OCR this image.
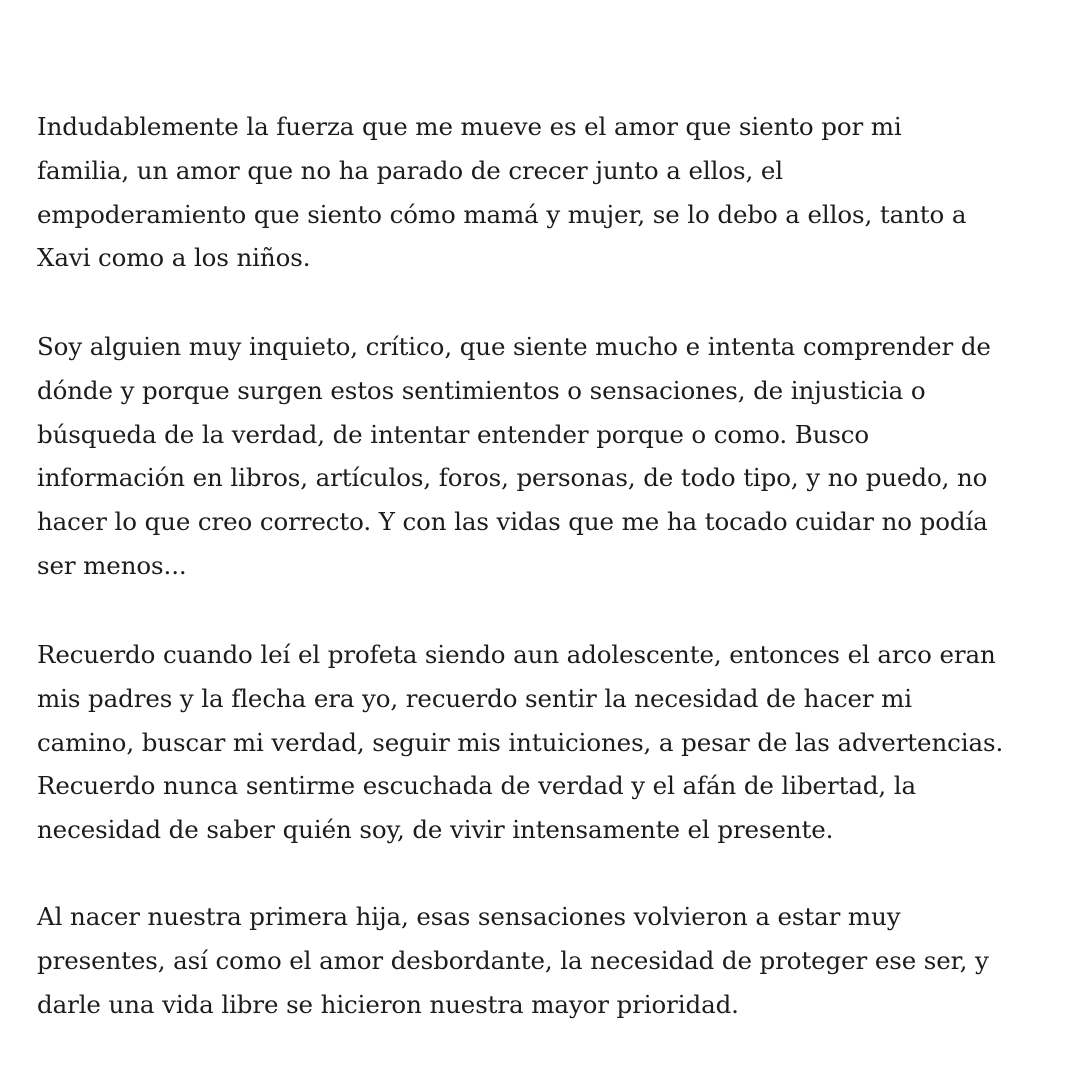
Indudablemente la fuerza que me mueve es el amor que siento por mi
familia, un amor que no ha parado de crecer junto a ellos, el
empoderamiento que siento cómo mamá y mujer, se lo debo a ellos, tanto a
Xavi como a los niños.

Soy alguien muy inquieto, crítico, que siente mucho e intenta comprender de
dónde y porque surgen estos sentimientos o sensaciones, de injusticia o
búsqueda de la verdad, de intentar entender porque o como. Busco
información en libros, artículos, foros, personas, de todo tipo, y no puedo, no
hacer lo que creo correcto. Y con las vidas que me ha tocado cuidar no podía
ser menos...

Recuerdo cuando leí el profeta siendo aun adolescente, entonces el arco eran
mis padres y la flecha era yo, recuerdo sentir la necesidad de hacer mi
camino, buscar mi verdad, seguir mis intuiciones, a pesar de las advertencias.
Recuerdo nunca sentirme escuchada de verdad y el afán de libertad, la
necesidad de saber quién soy, de vivir intensamente el presente.

Al nacer nuestra primera hija, esas sensaciones volvieron a estar muy
presentes, así como el amor desbordante, la necesidad de proteger ese ser, y
darle una vida libre se hicieron nuestra mayor prioridad.
